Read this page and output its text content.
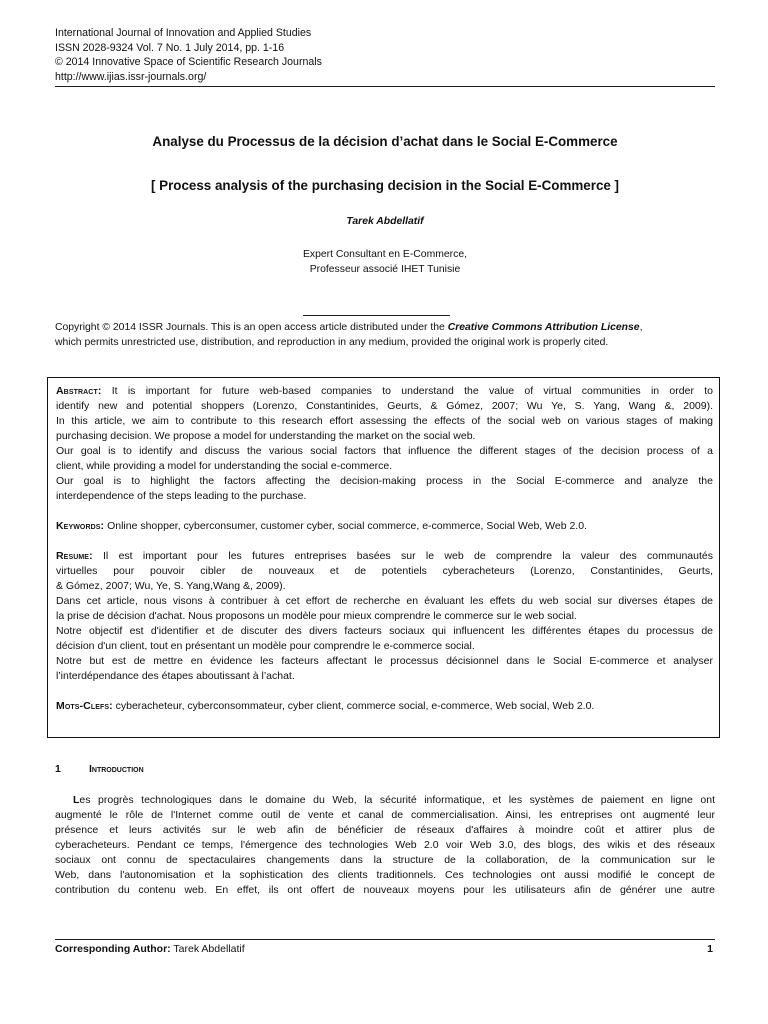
International Journal of Innovation and Applied Studies
ISSN 2028-9324 Vol. 7 No. 1 July 2014, pp. 1-16
© 2014 Innovative Space of Scientific Research Journals
http://www.ijias.issr-journals.org/
Analyse du Processus de la décision d’achat dans le Social E-Commerce
[ Process analysis of the purchasing decision in the Social E-Commerce ]
Tarek Abdellatif
Expert Consultant en E-Commerce,
Professeur associé IHET Tunisie
Copyright © 2014 ISSR Journals. This is an open access article distributed under the Creative Commons Attribution License,
which permits unrestricted use, distribution, and reproduction in any medium, provided the original work is properly cited.
Abstract: It is important for future web-based companies to understand the value of virtual communities in order to
identify new and potential shoppers (Lorenzo, Constantinides, Geurts, & Gómez, 2007; Wu Ye, S. Yang, Wang &, 2009).
In this article, we aim to contribute to this research effort assessing the effects of the social web on various stages of making
purchasing decision. We propose a model for understanding the market on the social web.
Our goal is to identify and discuss the various social factors that influence the different stages of the decision process of a
client, while providing a model for understanding the social e-commerce.
Our goal is to highlight the factors affecting the decision-making process in the Social E-commerce and analyze the
interdependence of the steps leading to the purchase.
Keywords: Online shopper, cyberconsumer, customer cyber, social commerce, e-commerce, Social Web, Web 2.0.
Resume: Il est important pour les futures entreprises basées sur le web de comprendre la valeur des communautés
virtuelles pour pouvoir cibler de nouveaux et de potentiels cyberacheteurs (Lorenzo, Constantinides, Geurts,
& Gómez, 2007; Wu, Ye, S. Yang,Wang &, 2009).
Dans cet article, nous visons à contribuer à cet effort de recherche en évaluant les effets du web social sur diverses étapes de
la prise de décision d'achat. Nous proposons un modèle pour mieux comprendre le commerce sur le web social.
Notre objectif est d'identifier et de discuter des divers facteurs sociaux qui influencent les différentes étapes du processus de
décision d'un client, tout en présentant un modèle pour comprendre le e-commerce social.
Notre but est de mettre en évidence les facteurs affectant le processus décisionnel dans le Social E-commerce et analyser
l’interdépendance des étapes aboutissant à l’achat.
Mots-Clefs: cyberacheteur, cyberconsommateur, cyber client, commerce social, e-commerce, Web social, Web 2.0.
1	Introduction
Les progrès technologiques dans le domaine du Web, la sécurité informatique, et les systèmes de paiement en ligne ont
augmenté le rôle de l'Internet comme outil de vente et canal de commercialisation. Ainsi, les entreprises ont augmenté leur
présence et leurs activités sur le web afin de bénéficier de réseaux d'affaires à moindre coût et attirer plus de
cyberacheteurs. Pendant ce temps, l'émergence des technologies Web 2.0 voir Web 3.0, des blogs, des wikis et des réseaux
sociaux ont connu de spectaculaires changements dans la structure de la collaboration, de la communication sur le
Web, dans l'autonomisation et la sophistication des clients traditionnels. Ces technologies ont aussi modifié le concept de
contribution du contenu web. En effet, ils ont offert de nouveaux moyens pour les utilisateurs afin de générer une autre
Corresponding Author: Tarek Abdellatif	1
